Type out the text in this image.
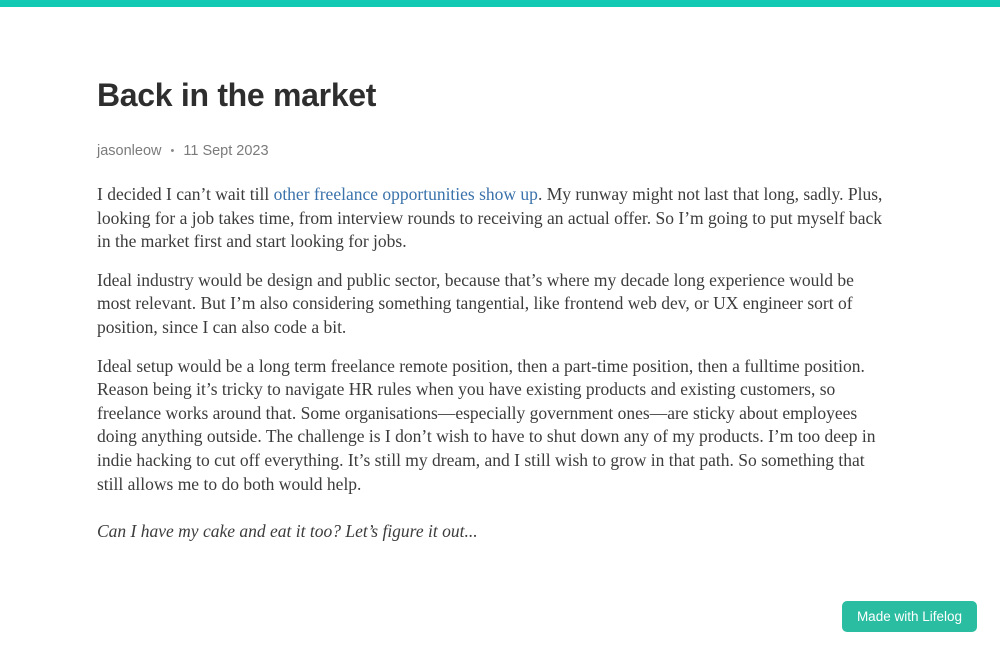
Back in the market
jasonleow • 11 Sept 2023

I decided I can’t wait till other freelance opportunities show up. My runway might not last that long, sadly. Plus, looking for a job takes time, from interview rounds to receiving an actual offer. So I’m going to put myself back in the market first and start looking for jobs.

Ideal industry would be design and public sector, because that’s where my decade long experience would be most relevant. But I’m also considering something tangential, like frontend web dev, or UX engineer sort of position, since I can also code a bit.

Ideal setup would be a long term freelance remote position, then a part-time position, then a fulltime position. Reason being it’s tricky to navigate HR rules when you have existing products and existing customers, so freelance works around that. Some organisations—especially government ones—are sticky about employees doing anything outside. The challenge is I don’t wish to have to shut down any of my products. I’m too deep in indie hacking to cut off everything. It’s still my dream, and I still wish to grow in that path. So something that still allows me to do both would help.

Can I have my cake and eat it too? Let’s figure it out...

Made with Lifelog
